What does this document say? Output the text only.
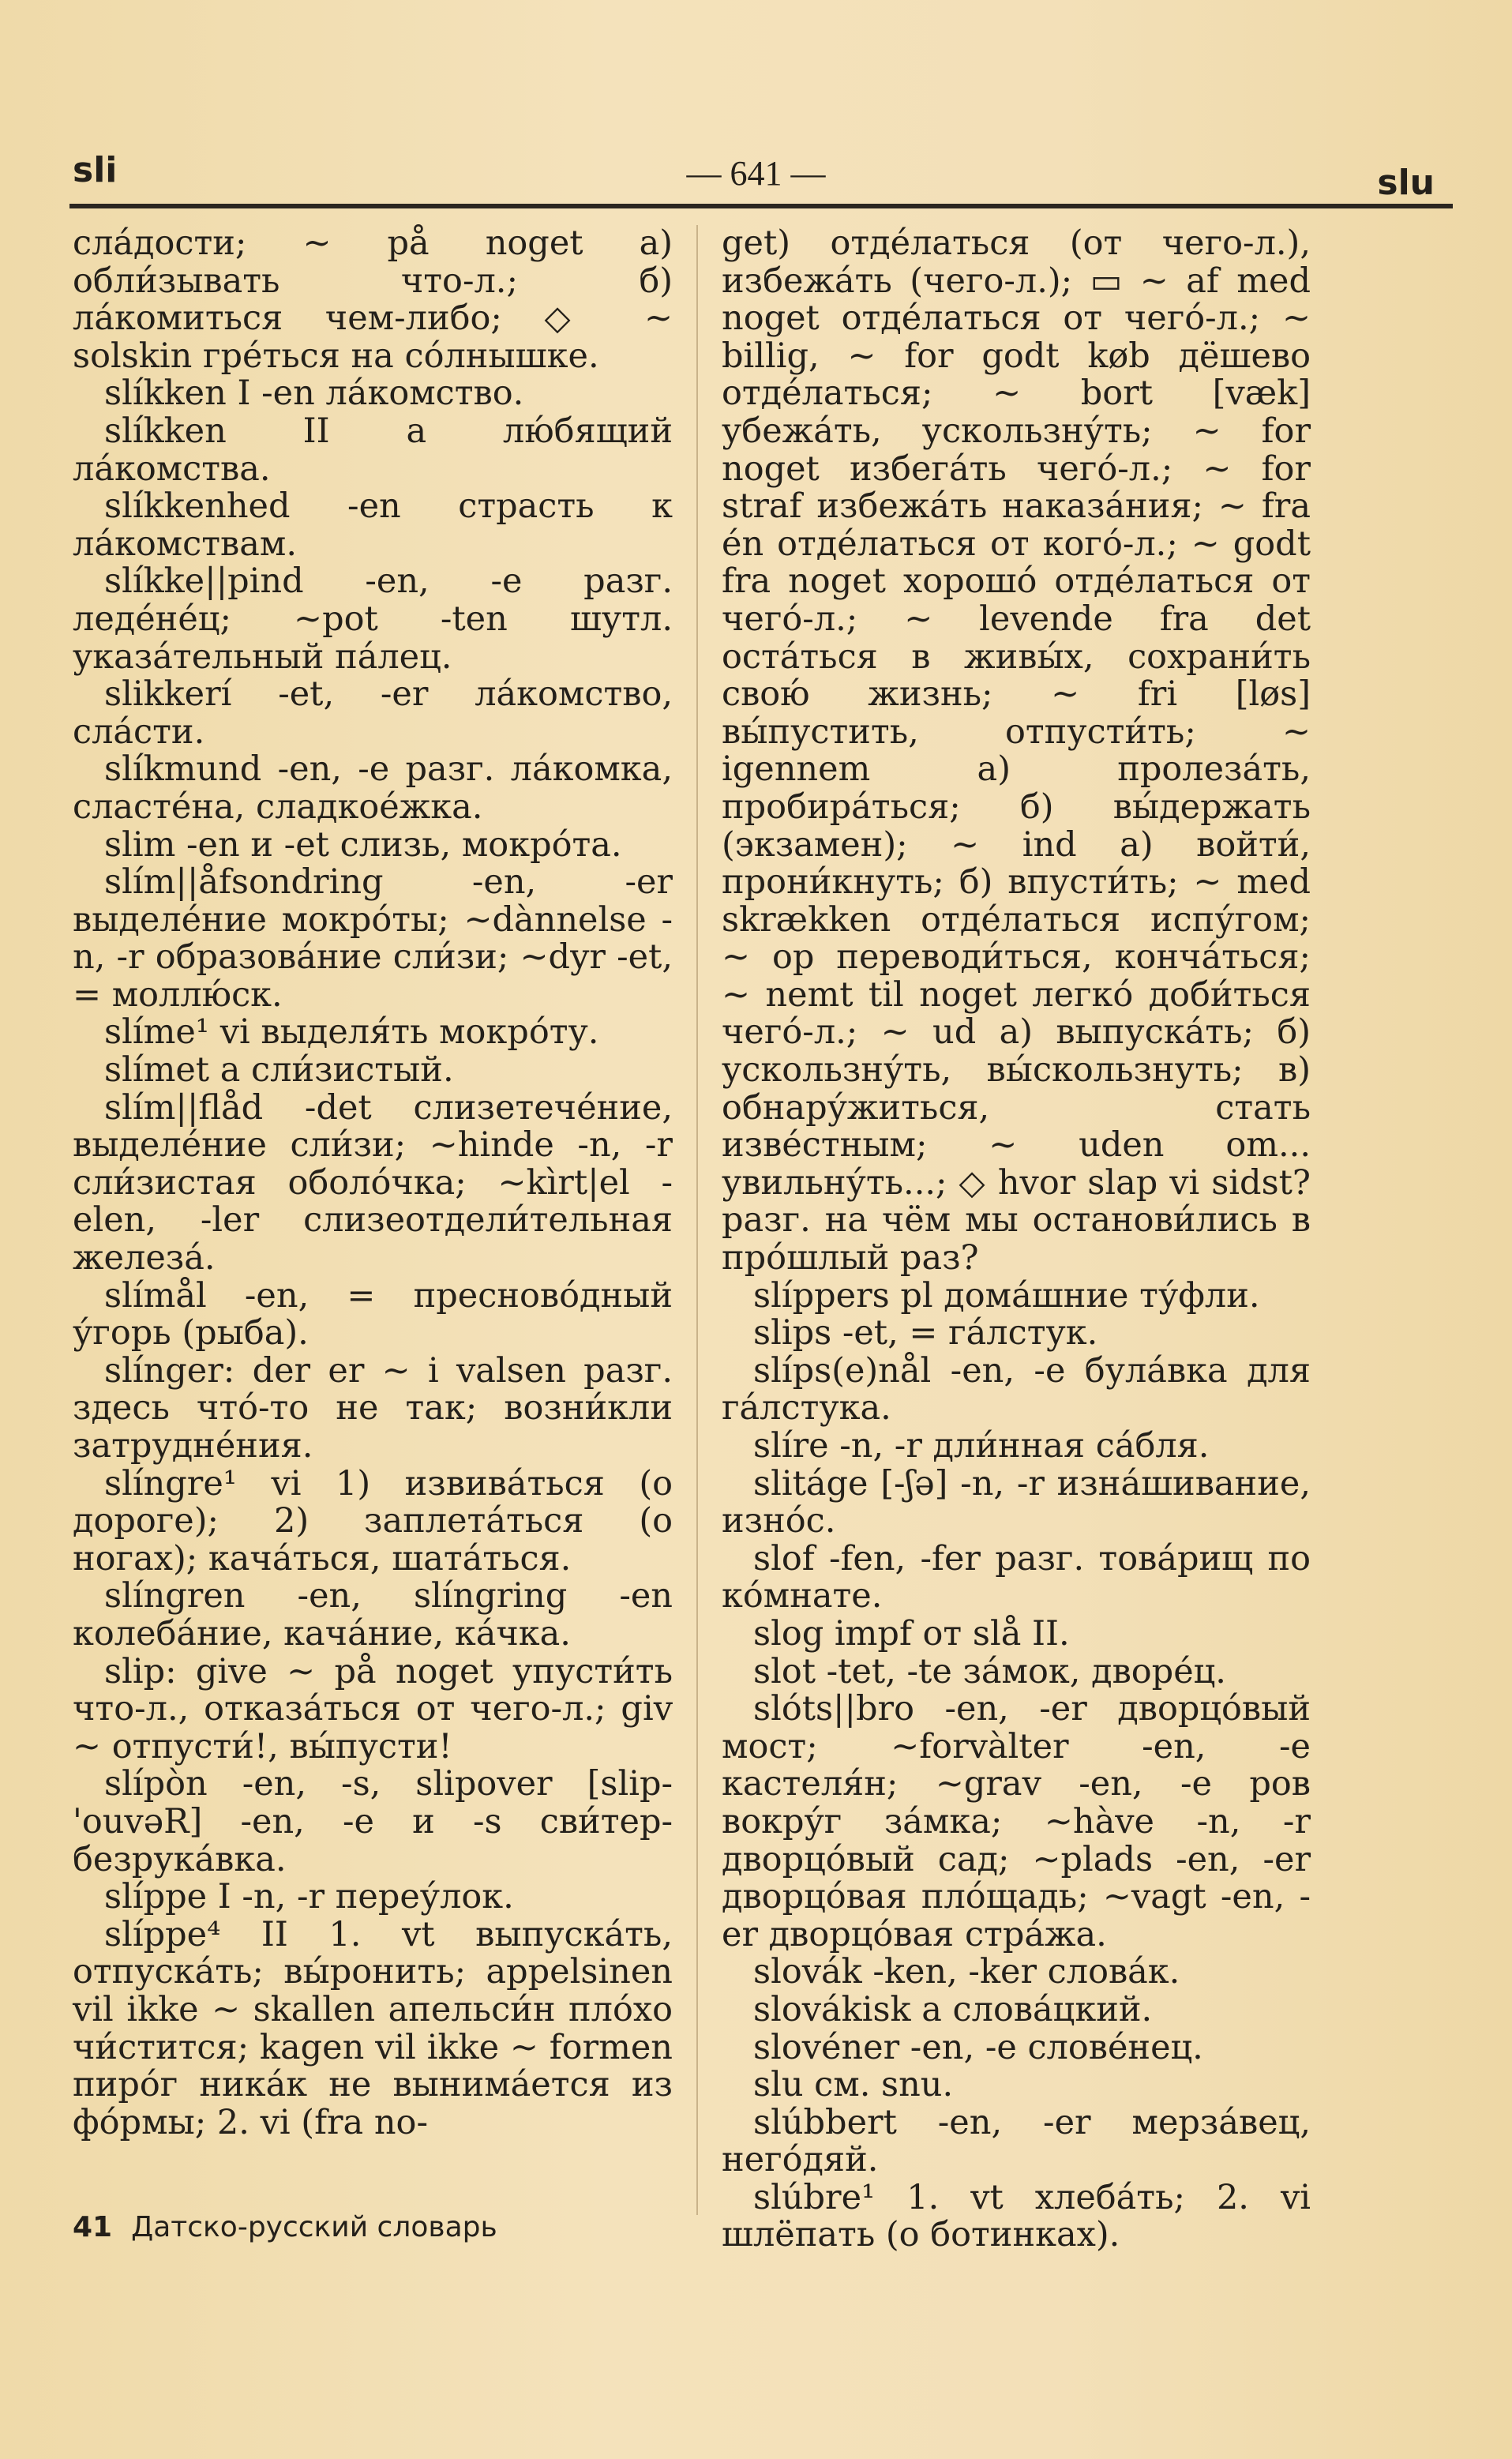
sli	— 641 —	slu

сла́дости; ~ på noget a) обли́зывать что-л.; б) ла́комиться чем-либо; ◇ ~ solskin гре́ться на со́лнышке.

slíkken I -en ла́комство.

slíkken II a лю́бящий ла́комства.

slíkkenhed -en страсть к ла́комствам.

slíkke||pind -en, -e разг. леде́не́ц; ~pot -ten шутл. указа́тельный па́лец.

slikkerí -et, -er ла́комство, сла́сти.

slíkmund -en, -e разг. ла́комка, сласте́на, сладкое́жка.

slim -en и -et слизь, мокро́та.

slím||åfsondring -en, -er выделе́ние мокро́ты; ~dànnelse -n, -r образова́ние сли́зи; ~dyr -et, = моллю́ск.

slíme¹ vi выделя́ть мокро́ту.

slímet a сли́зистый.

slím||flåd -det слизетече́ние, выделе́ние сли́зи; ~hinde -n, -r сли́зистая оболо́чка; ~kìrt|el -elen, -ler слизеотдели́тельная железа́.

slímål -en, = пресново́дный у́горь (рыба).

slínger: der er ~ i valsen разг. здесь что́-то не так; возни́кли затрудне́ния.

slíngre¹ vi 1) извива́ться (о дороге); 2) заплета́ться (о ногах); кача́ться, шата́ться.

slíngren -en, slíngring -en колеба́ние, кача́ние, ка́чка.

slip: give ~ på noget упусти́ть что-л., отказа́ться от чего-л.; giv ~ отпусти́!, вы́пусти!

slípòn -en, -s, slipover [slip-'ouvəR] -en, -e и -s сви́тер-безрука́вка.

slíppe I -n, -r переу́лок.

slíppe⁴ II 1. vt выпуска́ть, отпуска́ть; вы́ронить; appelsinen vil ikke ~ skallen апельси́н пло́хо чи́стится; kagen vil ikke ~ formen пиро́г ника́к не вынима́ется из фо́рмы; 2. vi (fra no-

get) отде́латься (от чего-л.), избежа́ть (чего-л.); ▭ ~ af med noget отде́латься от чего́-л.; ~ billig, ~ for godt køb дёшево отде́латься; ~ bort [væk] убежа́ть, ускользну́ть; ~ for noget избега́ть чего́-л.; ~ for straf избежа́ть наказа́ния; ~ fra én отде́латься от кого́-л.; ~ godt fra noget хорошо́ отде́латься от чего́-л.; ~ levende fra det оста́ться в живы́х, сохрани́ть свою́ жизнь; ~ fri [løs] вы́пустить, отпусти́ть; ~ igennem a) пролеза́ть, пробира́ться; б) вы́держать (экзамен); ~ ind a) войти́, прони́кнуть; б) впусти́ть; ~ med skrækken отде́латься испу́гом; ~ op переводи́ться, конча́ться; ~ nemt til noget легко́ доби́ться чего́-л.; ~ ud a) выпуска́ть; б) ускользну́ть, вы́скользнуть; в) обнару́житься, стать изве́стным; ~ uden om... увильну́ть...; ◇ hvor slap vi sidst? разг. на чём мы останови́лись в про́шлый раз?

slíppers pl дома́шние ту́фли.

slips -et, = га́лстук.

slíps(e)nål -en, -e була́вка для га́лстука.

slíre -n, -r дли́нная са́бля.

slitáge [-ʃə] -n, -r изна́шивание, изно́с.

slof -fen, -fer разг. това́рищ по ко́мнате.

slog impf от slå II.

slot -tet, -te за́мок, дворе́ц.

slóts||bro -en, -er дворцо́вый мост; ~forvàlter -en, -e кастеля́н; ~grav -en, -e ров вокру́г за́мка; ~hàve -n, -r дворцо́вый сад; ~plads -en, -er дворцо́вая пло́щадь; ~vagt -en, -er дворцо́вая стра́жа.

slovák -ken, -ker слова́к.

slovákisk a слова́цкий.

slovéner -en, -e слове́нец.

slu см. snu.

slúbbert -en, -er мерза́вец, него́дяй.

slúbre¹ 1. vt хлеба́ть; 2. vi шлёпать (о ботинках).

41 Датско-русский словарь
